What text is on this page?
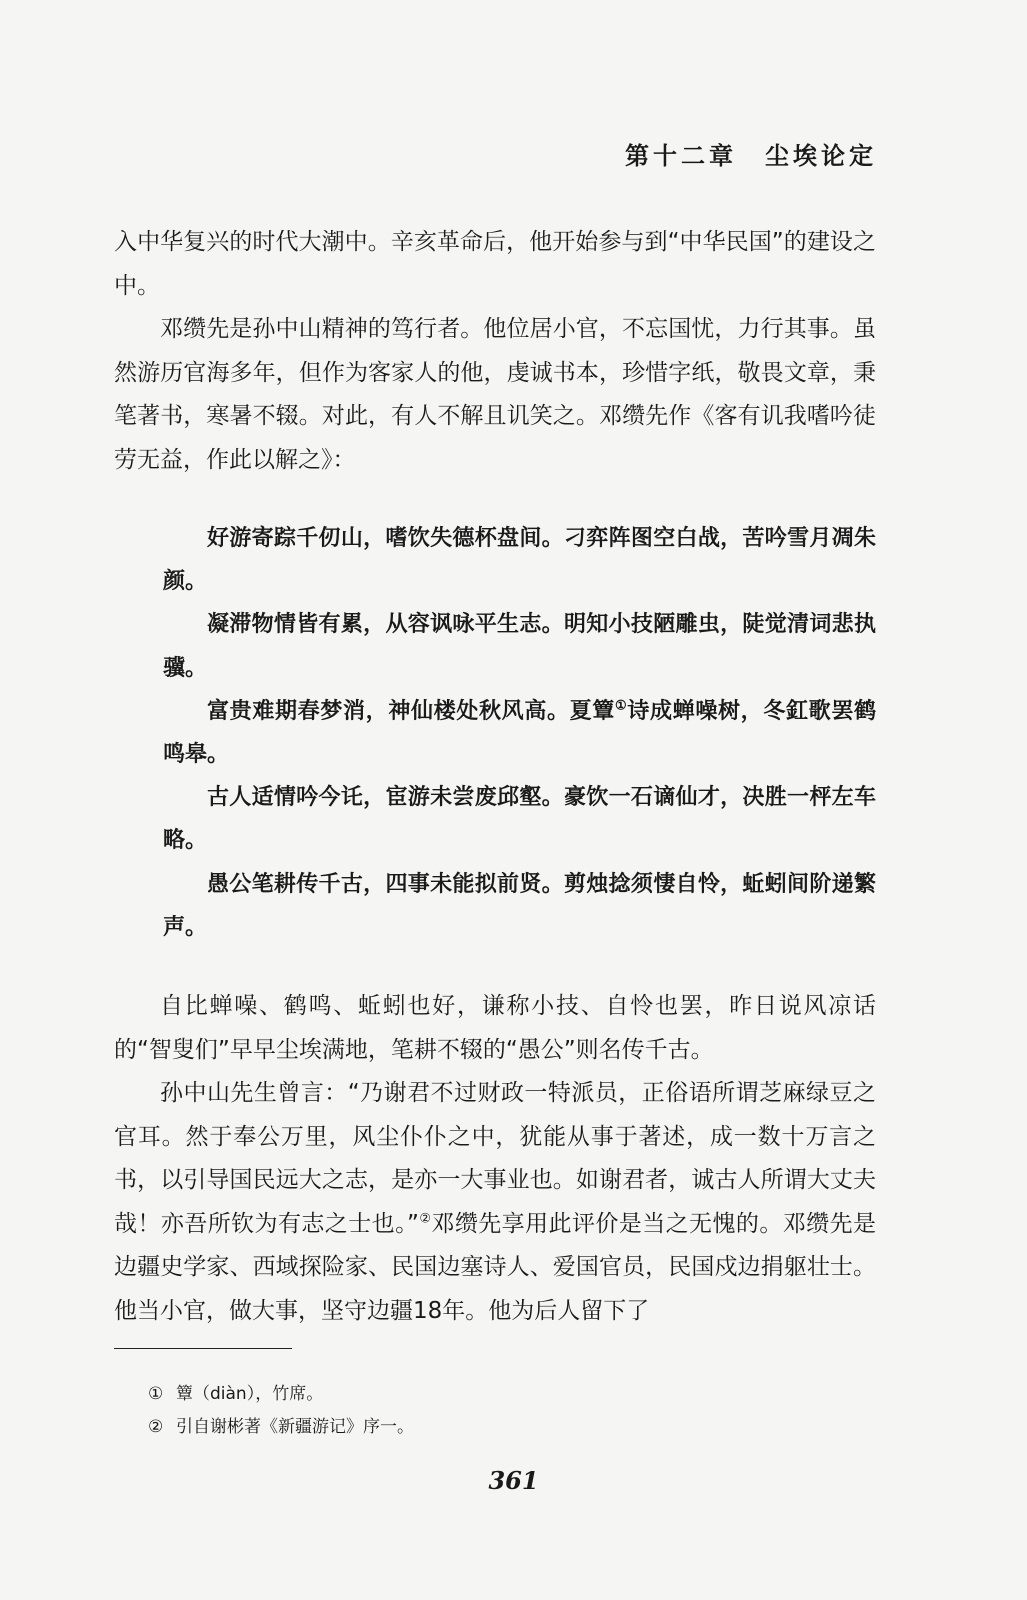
第十二章 尘埃论定

入中华复兴的时代大潮中。辛亥革命后，他开始参与到“中华民国”的建设之中。

邓缵先是孙中山精神的笃行者。他位居小官，不忘国忧，力行其事。虽然游历官海多年，但作为客家人的他，虔诚书本，珍惜字纸，敬畏文章，秉笔著书，寒暑不辍。对此，有人不解且讥笑之。邓缵先作《客有讥我嗜吟徒劳无益，作此以解之》：

好游寄踪千仞山，嗜饮失德杯盘间。刁弈阵图空白战，苦吟雪月凋朱颜。

凝滞物情皆有累，从容讽咏平生志。明知小技陋雕虫，陡觉清词悲执骥。

富贵难期春梦消，神仙楼处秋风高。夏簟①诗成蝉噪树，冬釭歌罢鹤鸣皋。

古人适情吟今讬，宦游未尝废邱壑。豪饮一石谪仙才，决胜一枰左车略。

愚公笔耕传千古，四事未能拟前贤。剪烛捻须悽自怜，蚯蚓间阶递繁声。

自比蝉噪、鹤鸣、蚯蚓也好，谦称小技、自怜也罢，昨日说风凉话的“智叟们”早早尘埃满地，笔耕不辍的“愚公”则名传千古。

孙中山先生曾言：“乃谢君不过财政一特派员，正俗语所谓芝麻绿豆之官耳。然于奉公万里，风尘仆仆之中，犹能从事于著述，成一数十万言之书，以引导国民远大之志，是亦一大事业也。如谢君者，诚古人所谓大丈夫哉！亦吾所钦为有志之士也。”②邓缵先享用此评价是当之无愧的。邓缵先是边疆史学家、西域探险家、民国边塞诗人、爱国官员，民国戍边捐躯壮士。他当小官，做大事，坚守边疆18年。他为后人留下了

① 簟（diàn），竹席。

② 引自谢彬著《新疆游记》序一。

361
